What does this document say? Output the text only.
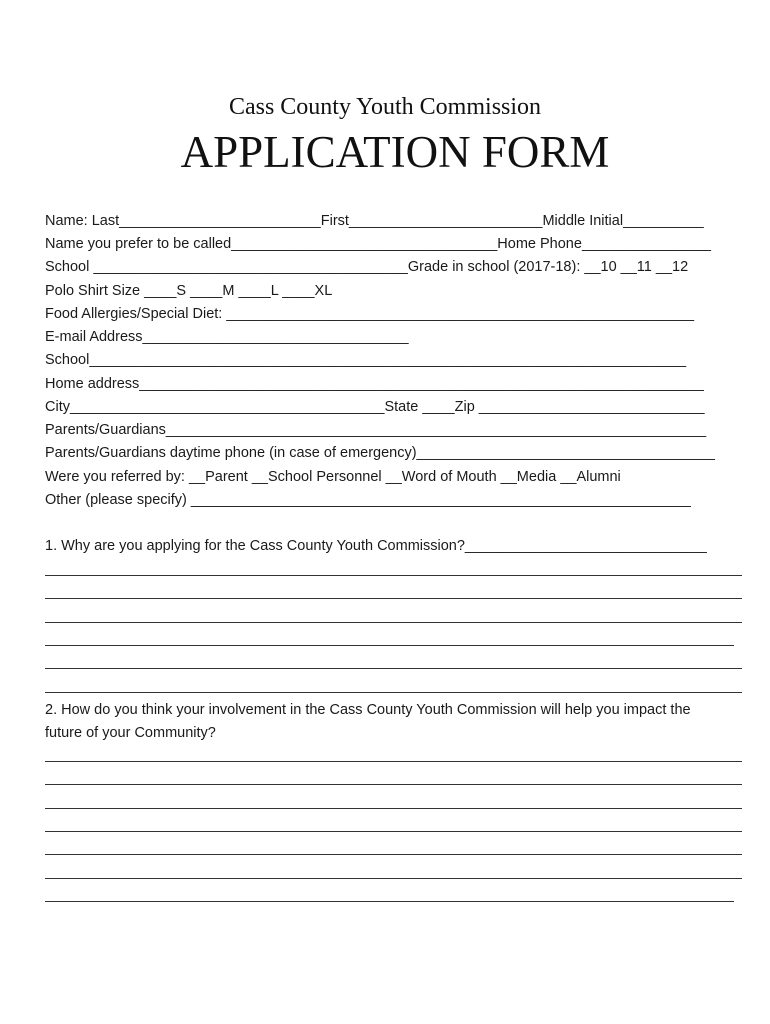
Cass County Youth Commission
APPLICATION FORM
Name: Last_________________________First________________________Middle Initial__________
Name you prefer to be called_________________________________Home Phone________________
School _______________________________________Grade in school (2017-18): __10 __11 __12
Polo Shirt Size ____S ____M ____L ____XL
Food Allergies/Special Diet: __________________________________________________________
E-mail Address_________________________________
School__________________________________________________________________________
Home address______________________________________________________________________
City_______________________________________State ____Zip ____________________________
Parents/Guardians___________________________________________________________________
Parents/Guardians daytime phone (in case of emergency)_____________________________________
Were you referred by: __Parent __School Personnel __Word of Mouth __Media __Alumni
Other (please specify) ______________________________________________________________
1. Why are you applying for the Cass County Youth Commission?______________________________
2. How do you think your involvement in the Cass County Youth Commission will help you impact the
future of your Community?
